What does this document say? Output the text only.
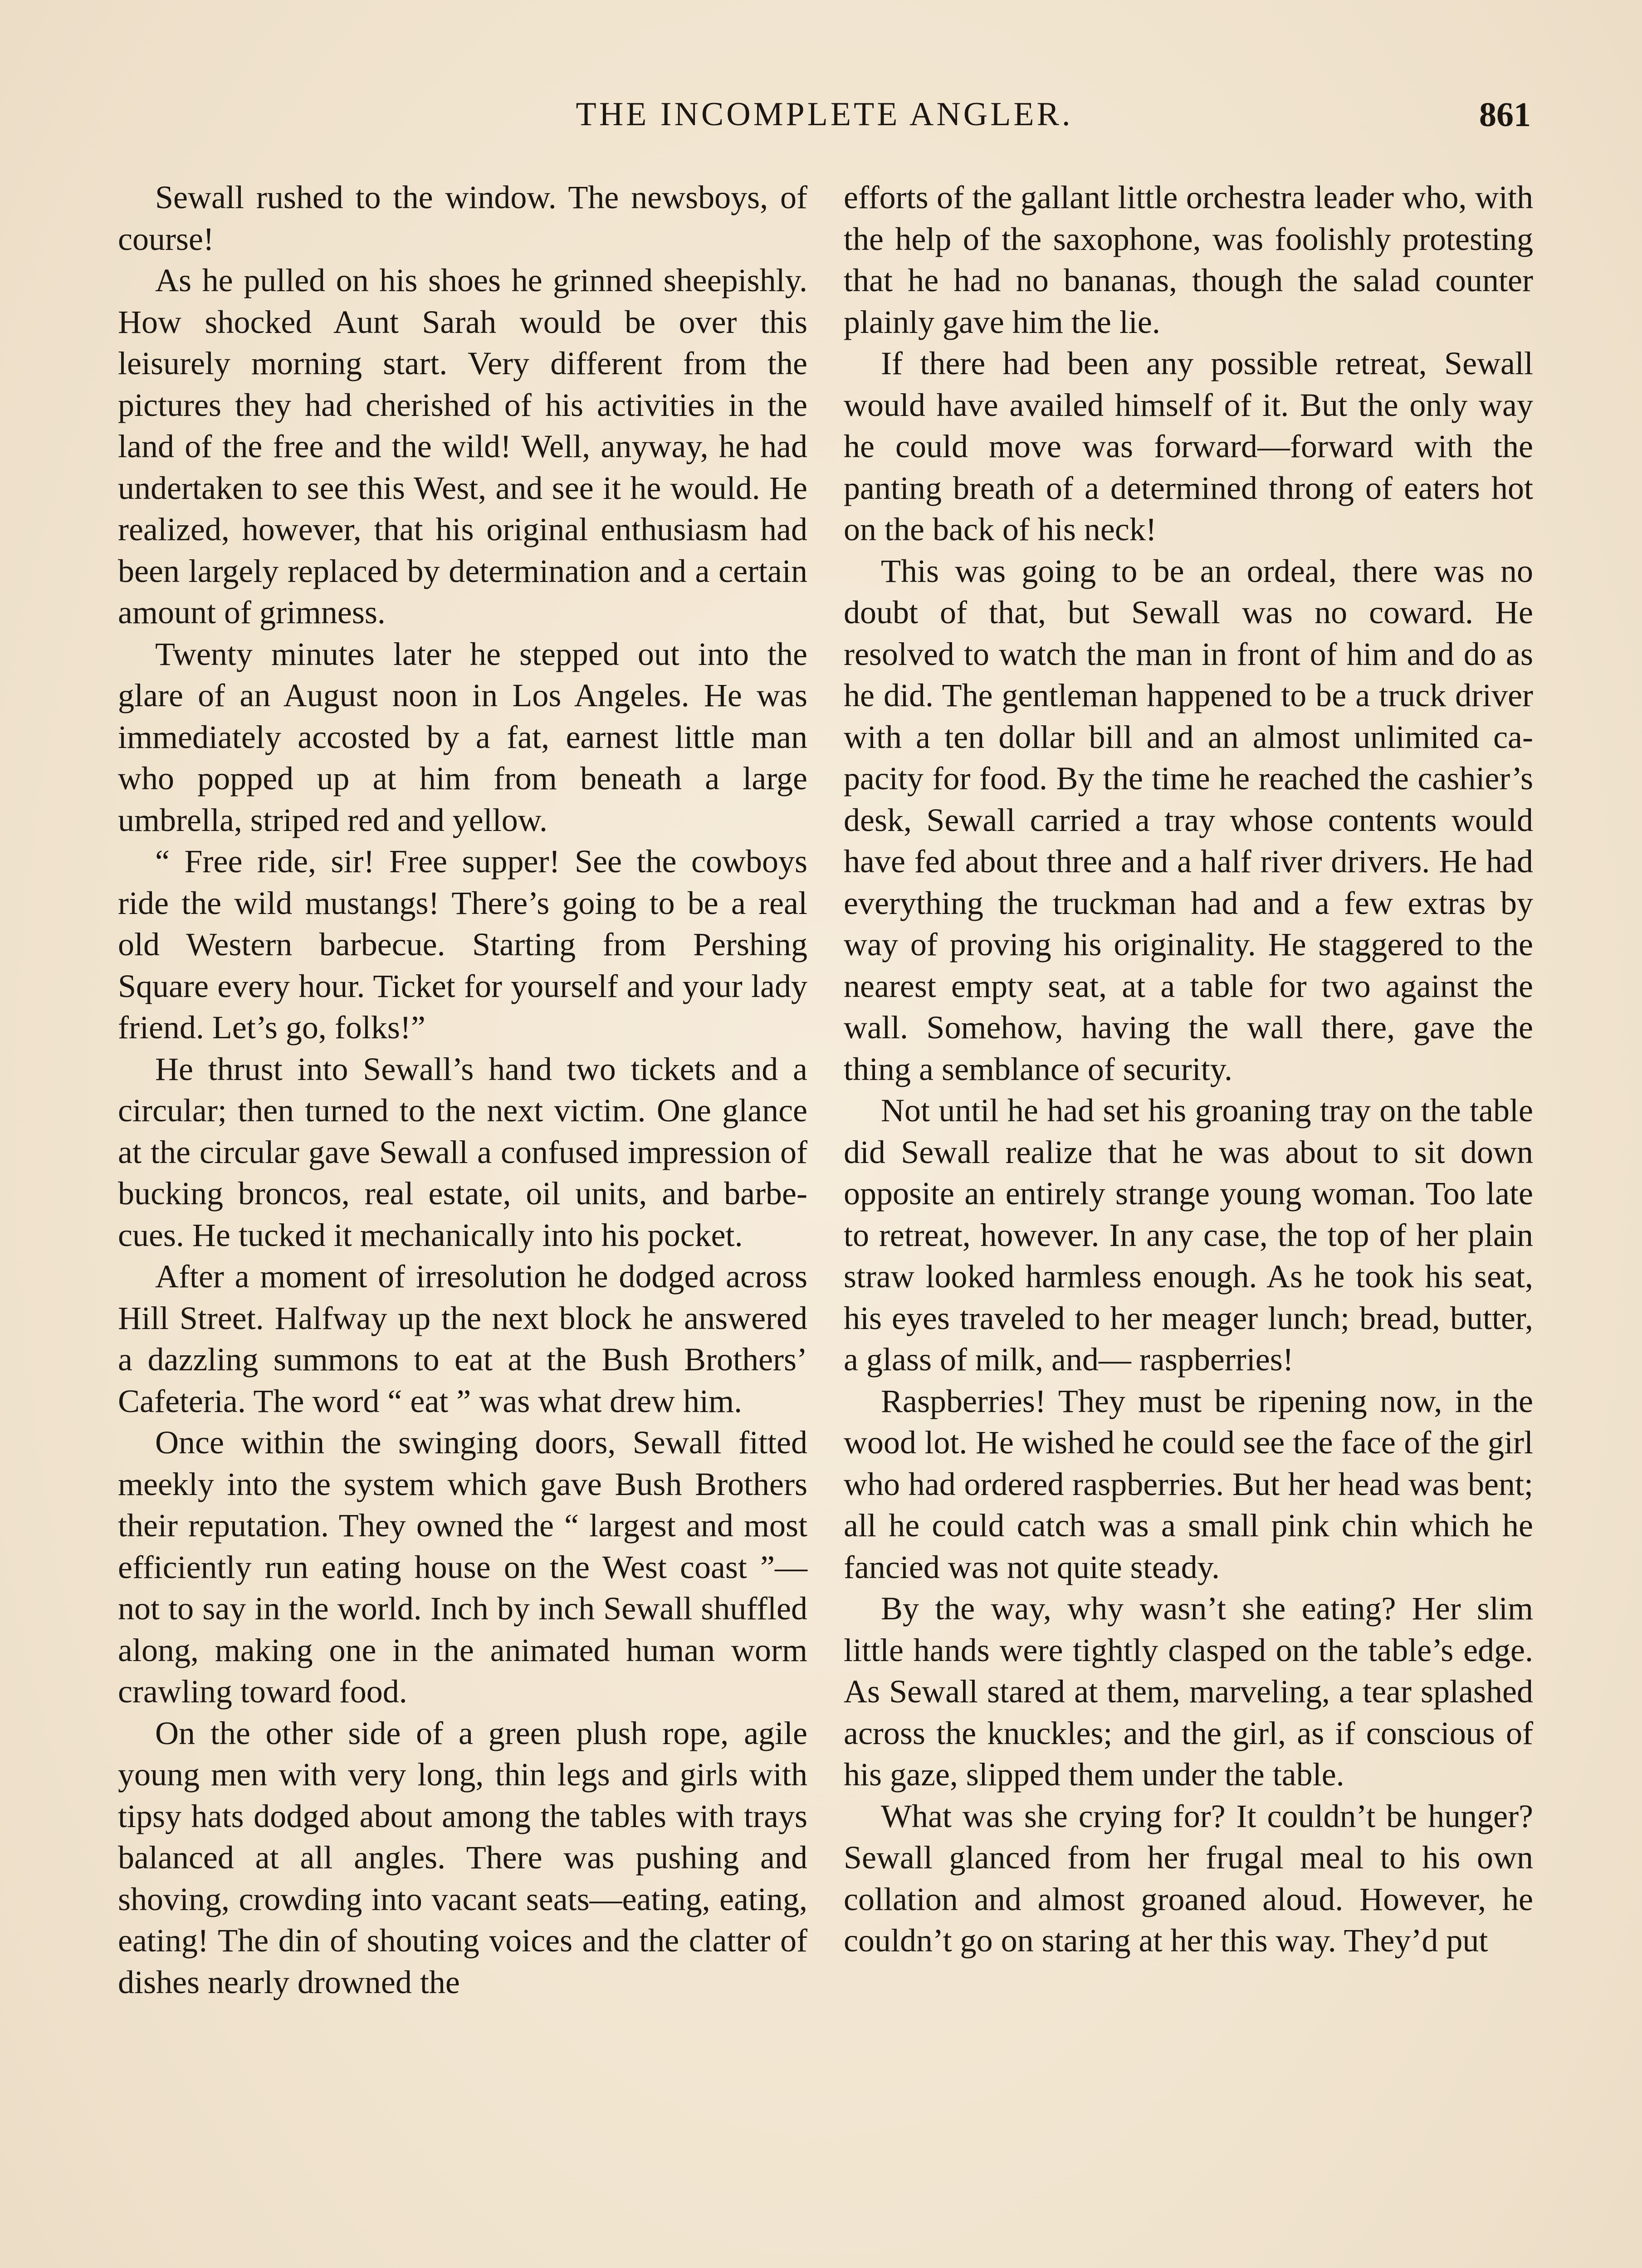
THE INCOMPLETE ANGLER.	861

Sewall rushed to the window. The newsboys, of course!

As he pulled on his shoes he grinned sheepishly. How shocked Aunt Sarah would be over this leisurely morning start. Very different from the pictures they had cherished of his activities in the land of the free and the wild! Well, anyway, he had undertaken to see this West, and see it he would. He realized, however, that his original enthusiasm had been largely replaced by determination and a certain amount of grimness.

Twenty minutes later he stepped out into the glare of an August noon in Los Angeles. He was immediately accosted by a fat, earnest little man who popped up at him from beneath a large umbrella, striped red and yellow.

“ Free ride, sir! Free supper! See the cowboys ride the wild mustangs! There’s going to be a real old Western barbecue. Starting from Pershing Square every hour. Ticket for yourself and your lady friend. Let’s go, folks!”

He thrust into Sewall’s hand two tickets and a circular; then turned to the next victim. One glance at the circular gave Sewall a confused impression of bucking broncos, real estate, oil units, and barbecues. He tucked it mechanically into his pocket.

After a moment of irresolution he dodged across Hill Street. Halfway up the next block he answered a dazzling summons to eat at the Bush Brothers’ Cafeteria. The word “ eat ” was what drew him.

Once within the swinging doors, Sewall fitted meekly into the system which gave Bush Brothers their reputation. They owned the “ largest and most efficiently run eating house on the West coast ”—not to say in the world. Inch by inch Sewall shuffled along, making one in the animated human worm crawling toward food.

On the other side of a green plush rope, agile young men with very long, thin legs and girls with tipsy hats dodged about among the tables with trays balanced at all angles. There was pushing and shoving, crowding into vacant seats—eating, eating, eating! The din of shouting voices and the clatter of dishes nearly drowned the

efforts of the gallant little orchestra leader who, with the help of the saxophone, was foolishly protesting that he had no bananas, though the salad counter plainly gave him the lie.

If there had been any possible retreat, Sewall would have availed himself of it. But the only way he could move was forward—forward with the panting breath of a determined throng of eaters hot on the back of his neck!

This was going to be an ordeal, there was no doubt of that, but Sewall was no coward. He resolved to watch the man in front of him and do as he did. The gentleman happened to be a truck driver with a ten dollar bill and an almost unlimited capacity for food. By the time he reached the cashier’s desk, Sewall carried a tray whose contents would have fed about three and a half river drivers. He had everything the truckman had and a few extras by way of proving his originality. He staggered to the nearest empty seat, at a table for two against the wall. Somehow, having the wall there, gave the thing a semblance of security.

Not until he had set his groaning tray on the table did Sewall realize that he was about to sit down opposite an entirely strange young woman. Too late to retreat, however. In any case, the top of her plain straw looked harmless enough. As he took his seat, his eyes traveled to her meager lunch; bread, butter, a glass of milk, and— raspberries!

Raspberries! They must be ripening now, in the wood lot. He wished he could see the face of the girl who had ordered raspberries. But her head was bent; all he could catch was a small pink chin which he fancied was not quite steady.

By the way, why wasn’t she eating? Her slim little hands were tightly clasped on the table’s edge. As Sewall stared at them, marveling, a tear splashed across the knuckles; and the girl, as if conscious of his gaze, slipped them under the table.

What was she crying for? It couldn’t be hunger? Sewall glanced from her frugal meal to his own collation and almost groaned aloud. However, he couldn’t go on staring at her this way. They’d put
